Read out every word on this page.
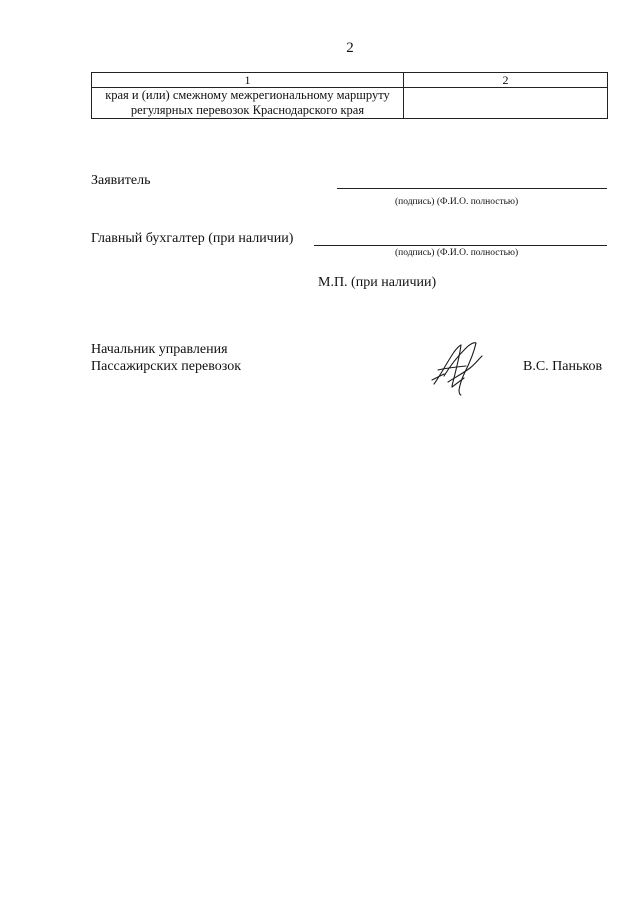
2
1	2
края и (или) смежному межрегиональному маршруту
регулярных перевозок Краснодарского края	
Заявитель
(подпись) (Ф.И.О. полностью)
Главный бухгалтер (при наличии)
(подпись) (Ф.И.О. полностью)
М.П. (при наличии)
Начальник управления
Пассажирских перевозок	В.С. Паньков
